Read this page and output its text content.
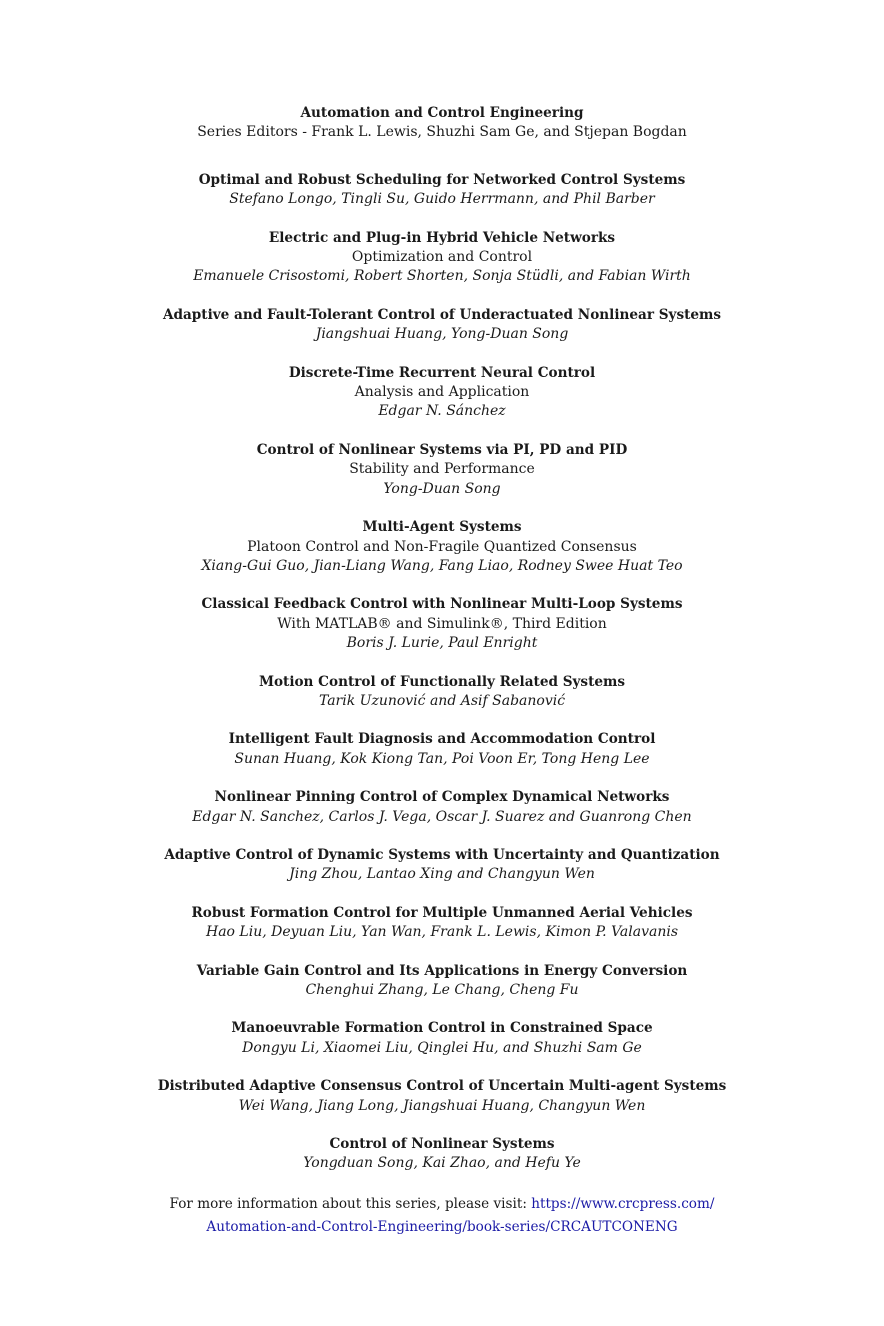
Automation and Control Engineering
Series Editors - Frank L. Lewis, Shuzhi Sam Ge, and Stjepan Bogdan
Optimal and Robust Scheduling for Networked Control Systems
Stefano Longo, Tingli Su, Guido Herrmann, and Phil Barber
Electric and Plug-in Hybrid Vehicle Networks
Optimization and Control
Emanuele Crisostomi, Robert Shorten, Sonja Stüdli, and Fabian Wirth
Adaptive and Fault-Tolerant Control of Underactuated Nonlinear Systems
Jiangshuai Huang, Yong-Duan Song
Discrete-Time Recurrent Neural Control
Analysis and Application
Edgar N. Sánchez
Control of Nonlinear Systems via PI, PD and PID
Stability and Performance
Yong-Duan Song
Multi-Agent Systems
Platoon Control and Non-Fragile Quantized Consensus
Xiang-Gui Guo, Jian-Liang Wang, Fang Liao, Rodney Swee Huat Teo
Classical Feedback Control with Nonlinear Multi-Loop Systems
With MATLAB® and Simulink®, Third Edition
Boris J. Lurie, Paul Enright
Motion Control of Functionally Related Systems
Tarik Uzunović and Asif Sabanović
Intelligent Fault Diagnosis and Accommodation Control
Sunan Huang, Kok Kiong Tan, Poi Voon Er, Tong Heng Lee
Nonlinear Pinning Control of Complex Dynamical Networks
Edgar N. Sanchez, Carlos J. Vega, Oscar J. Suarez and Guanrong Chen
Adaptive Control of Dynamic Systems with Uncertainty and Quantization
Jing Zhou, Lantao Xing and Changyun Wen
Robust Formation Control for Multiple Unmanned Aerial Vehicles
Hao Liu, Deyuan Liu, Yan Wan, Frank L. Lewis, Kimon P. Valavanis
Variable Gain Control and Its Applications in Energy Conversion
Chenghui Zhang, Le Chang, Cheng Fu
Manoeuvrable Formation Control in Constrained Space
Dongyu Li, Xiaomei Liu, Qinglei Hu, and Shuzhi Sam Ge
Distributed Adaptive Consensus Control of Uncertain Multi-agent Systems
Wei Wang, Jiang Long, Jiangshuai Huang, Changyun Wen
Control of Nonlinear Systems
Yongduan Song, Kai Zhao, and Hefu Ye
For more information about this series, please visit: https://www.crcpress.com/
Automation-and-Control-Engineering/book-series/CRCAUTCONENG
